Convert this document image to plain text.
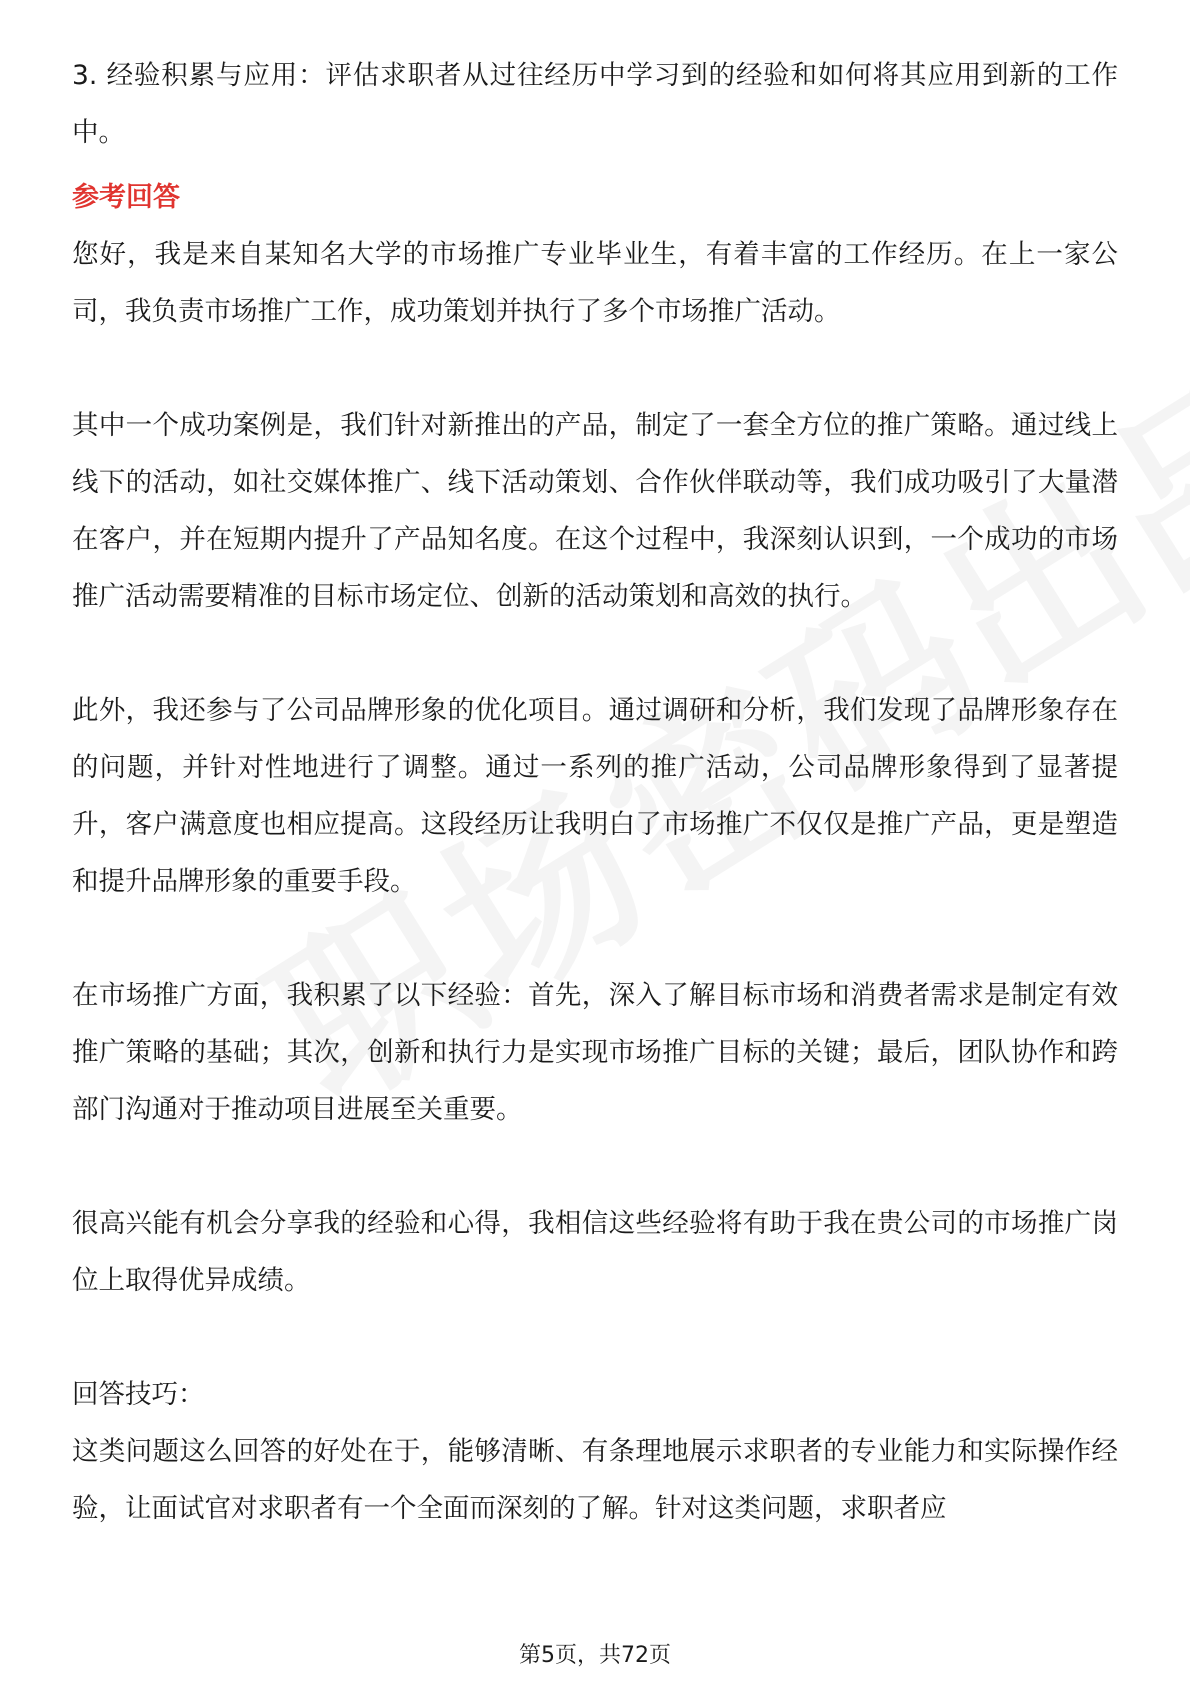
3. 经验积累与应用：评估求职者从过往经历中学习到的经验和如何将其应用到新的工作中。

参考回答

您好，我是来自某知名大学的市场推广专业毕业生，有着丰富的工作经历。在上一家公司，我负责市场推广工作，成功策划并执行了多个市场推广活动。

其中一个成功案例是，我们针对新推出的产品，制定了一套全方位的推广策略。通过线上线下的活动，如社交媒体推广、线下活动策划、合作伙伴联动等，我们成功吸引了大量潜在客户，并在短期内提升了产品知名度。在这个过程中，我深刻认识到，一个成功的市场推广活动需要精准的目标市场定位、创新的活动策划和高效的执行。

此外，我还参与了公司品牌形象的优化项目。通过调研和分析，我们发现了品牌形象存在的问题，并针对性地进行了调整。通过一系列的推广活动，公司品牌形象得到了显著提升，客户满意度也相应提高。这段经历让我明白了市场推广不仅仅是推广产品，更是塑造和提升品牌形象的重要手段。

在市场推广方面，我积累了以下经验：首先，深入了解目标市场和消费者需求是制定有效推广策略的基础；其次，创新和执行力是实现市场推广目标的关键；最后，团队协作和跨部门沟通对于推动项目进展至关重要。

很高兴能有机会分享我的经验和心得，我相信这些经验将有助于我在贵公司的市场推广岗位上取得优异成绩。

回答技巧：

这类问题这么回答的好处在于，能够清晰、有条理地展示求职者的专业能力和实际操作经验，让面试官对求职者有一个全面而深刻的了解。针对这类问题，求职者应

第5页，共72页
